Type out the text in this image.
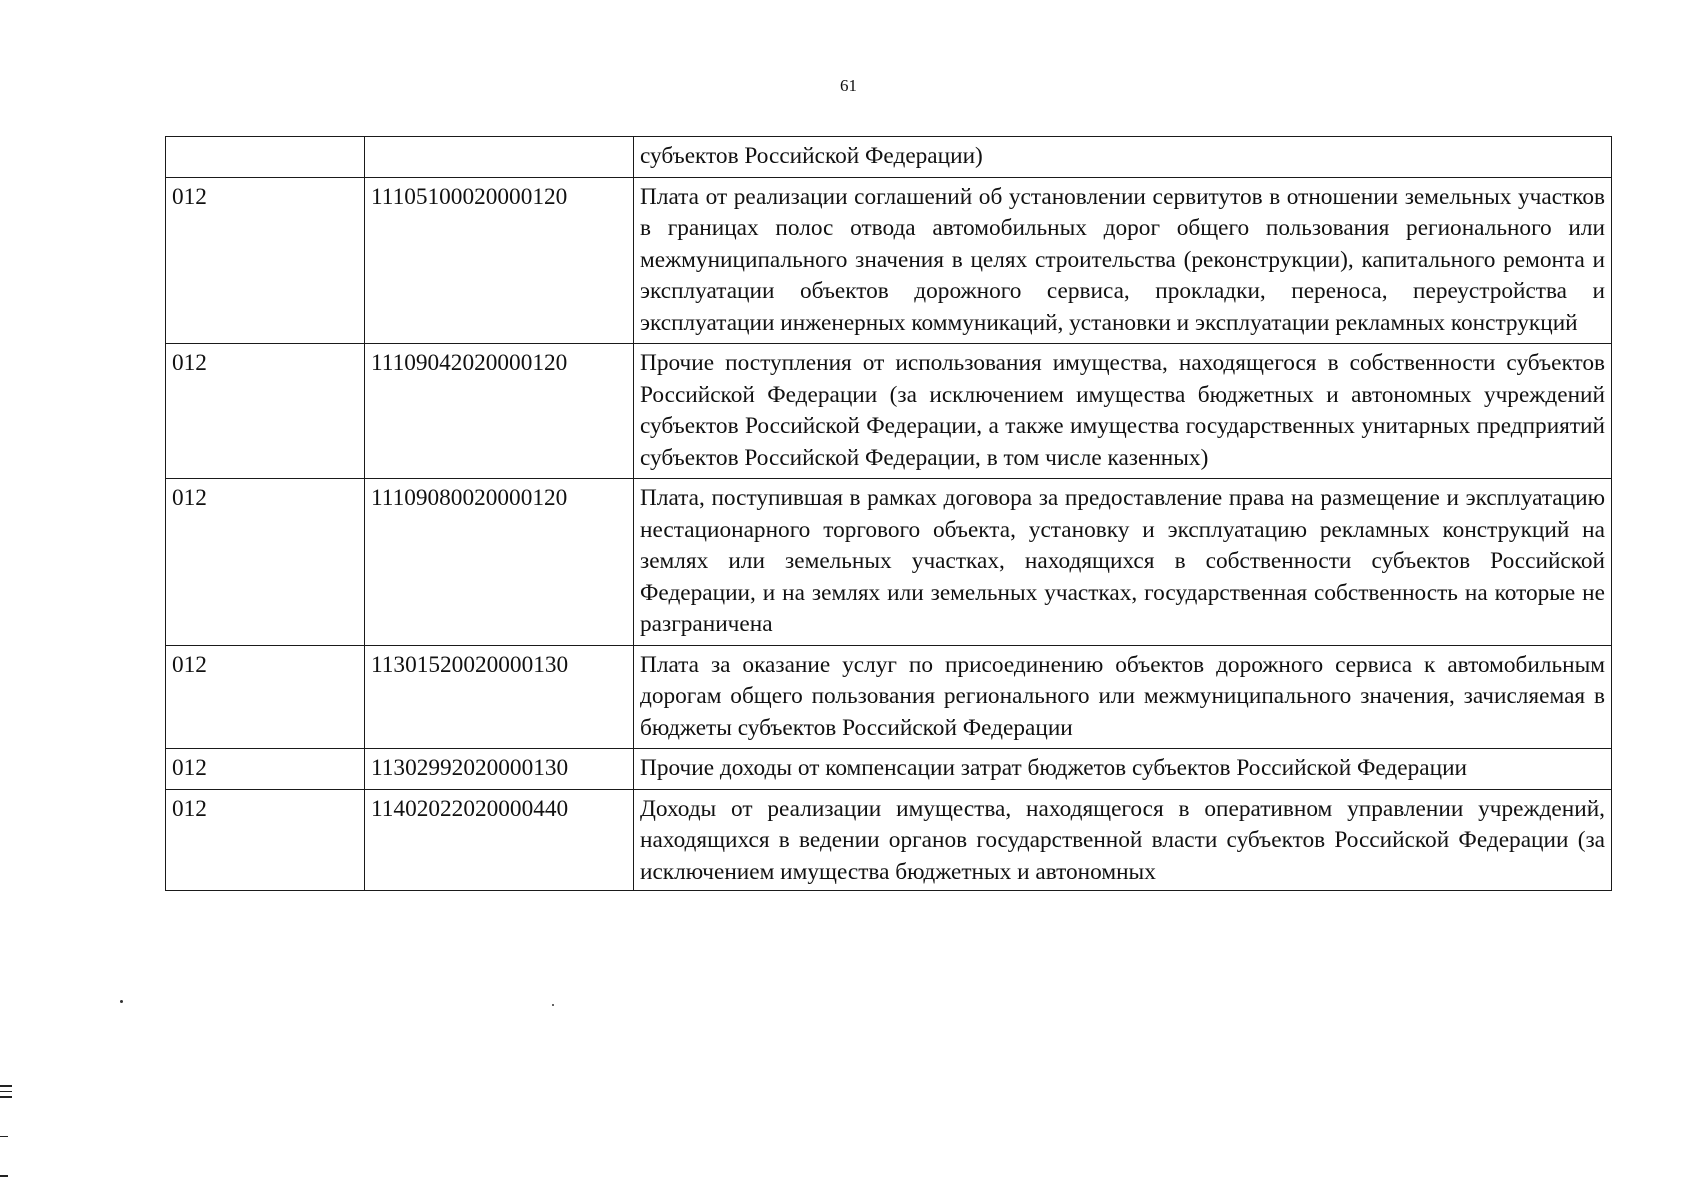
61
		субъектов Российской Федерации)
012	11105100020000120	Плата от реализации соглашений об установлении сервитутов в отношении земельных участков в границах полос отвода автомобильных дорог общего пользования регионального или межмуниципального значения в целях строительства (реконструкции), капитального ремонта и эксплуатации объектов дорожного сервиса, прокладки, переноса, переустройства и эксплуатации инженерных коммуникаций, установки и эксплуатации рекламных конструкций
012	11109042020000120	Прочие поступления от использования имущества, находящегося в собственности субъектов Российской Федерации (за исключением имущества бюджетных и автономных учреждений субъектов Российской Федерации, а также имущества государственных унитарных предприятий субъектов Российской Федерации, в том числе казенных)
012	11109080020000120	Плата, поступившая в рамках договора за предоставление права на размещение и эксплуатацию нестационарного торгового объекта, установку и эксплуатацию рекламных конструкций на землях или земельных участках, находящихся в собственности субъектов Российской Федерации, и на землях или земельных участках, государственная собственность на которые не разграничена
012	11301520020000130	Плата за оказание услуг по присоединению объектов дорожного сервиса к автомобильным дорогам общего пользования регионального или межмуниципального значения, зачисляемая в бюджеты субъектов Российской Федерации
012	11302992020000130	Прочие доходы от компенсации затрат бюджетов субъектов Российской Федерации
012	11402022020000440	Доходы от реализации имущества, находящегося в оперативном управлении учреждений, находящихся в ведении органов государственной власти субъектов Российской Федерации (за исключением имущества бюджетных и автономных
